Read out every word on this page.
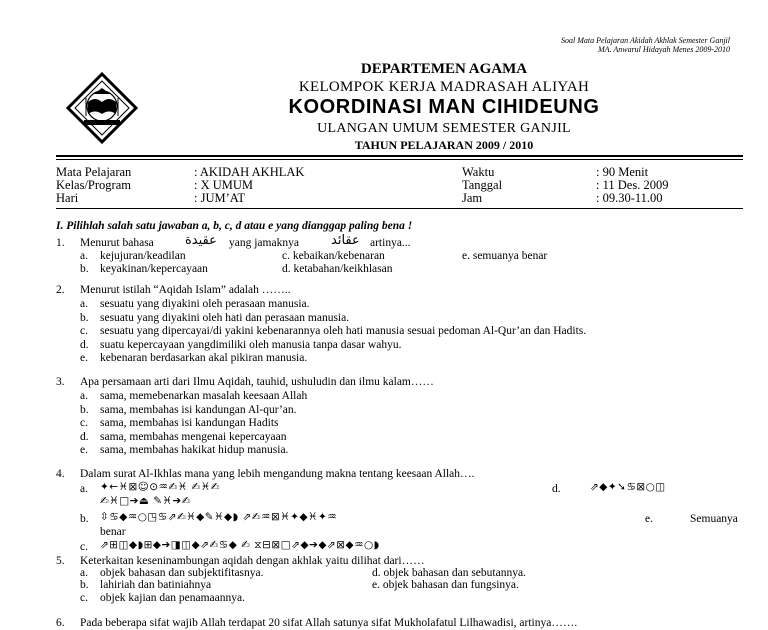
Soal Mata Pelajaran Akidah Akhlak Semester Ganjil
MA. Anwarul Hidayah Menes 2009-2010
DEPARTEMEN AGAMA
KELOMPOK KERJA MADRASAH ALIYAH
KOORDINASI MAN CIHIDEUNG
ULANGAN UMUM SEMESTER GANJIL
TAHUN PELAJARAN 2009 / 2010
Mata Pelajaran	: AKIDAH AKHLAK
Kelas/Program	: X UMUM
Hari	: JUM’AT
Waktu	: 90 Menit
Tanggal	: 11 Des. 2009
Jam	: 09.30-11.00
I. Pilihlah salah satu jawaban a, b, c, d atau e yang dianggap paling bena !
1. Menurut bahasa عقيدة yang jamaknya عقائد artinya...
a. kejujuran/keadilan
b. keyakinan/kepercayaan
c. kebaikan/kebenaran
d. ketabahan/keikhlasan
e. semuanya benar
2. Menurut istilah “Aqidah Islam” adalah ……..
a. sesuatu yang diyakini oleh perasaan manusia.
b. sesuatu yang diyakini oleh hati dan perasaan manusia.
c. sesuatu yang dipercayai/di yakini kebenarannya oleh hati manusia sesuai pedoman Al-Qur’an dan Hadits.
d. suatu kepercayaan yangdimiliki oleh manusia tanpa dasar wahyu.
e. kebenaran berdasarkan akal pikiran manusia.
3. Apa persamaan arti dari Ilmu Aqidah, tauhid, ushuludin dan ilmu kalam……
a. sama, memebenarkan masalah keesaan Allah
b. sama, membahas isi kandungan Al-qur’an.
c. sama, membahas isi kandungan Hadits
d. sama, membahas mengenai kepercayaan
e. sama, membahas hakikat hidup manusia.
4. Dalam surat Al-Ikhlas mana yang lebih mengandung makna tentang keesaan Allah….
a. ✦←♓⊠☺⊙♒✍♓ ✍♓✍
✍♓□➔⏏ ✎♓➔✍
d.	⇗◆✦➘♋⊠○◫
b. ⇳♋◆♒○◳♋⇗✍♓◆✎♓◆◗ ⇗✍♒⊠♓✦◆♓✦♒	e.	Semuanya
benar
c. ⇗⊞◫◆◗⊞◆➔◨◫◆⇗✍♋◆ ✍ ⧖⊟⊠□⇗◆➔◆⇗⊠◆♒○◗
5. Keterkaitan keseninambungan aqidah dengan akhlak yaitu dilihat dari……
a. objek bahasan dan subjektifitasnya.
b. lahiriah dan batiniahnya
c. objek kajian dan penamaannya.
d. objek bahasan dan sebutannya.
e. objek bahasan dan fungsinya.
6. Pada beberapa sifat wajib Allah terdapat 20 sifat Allah satunya sifat Mukholafatul Lilhawadisi, artinya…….
